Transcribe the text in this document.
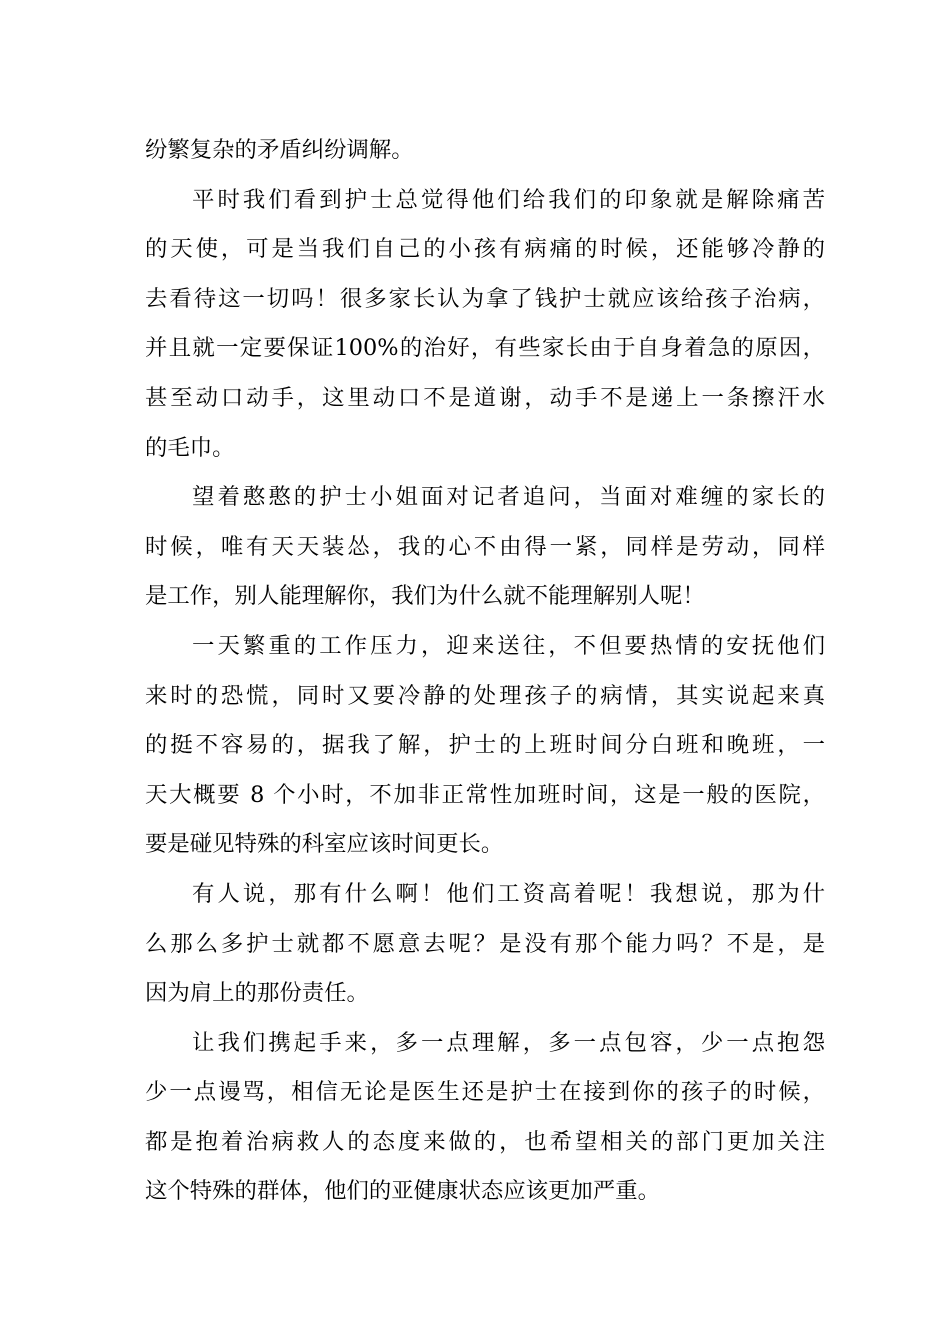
纷繁复杂的矛盾纠纷调解。
平时我们看到护士总觉得他们给我们的印象就是解除痛苦
的天使，可是当我们自己的小孩有病痛的时候，还能够冷静的
去看待这一切吗！很多家长认为拿了钱护士就应该给孩子治病，
并且就一定要保证100%的治好，有些家长由于自身着急的原因，
甚至动口动手，这里动口不是道谢，动手不是递上一条擦汗水
的毛巾。
望着憨憨的护士小姐面对记者追问，当面对难缠的家长的
时候，唯有天天装怂，我的心不由得一紧，同样是劳动，同样
是工作，别人能理解你，我们为什么就不能理解别人呢！
一天繁重的工作压力，迎来送往，不但要热情的安抚他们
来时的恐慌，同时又要冷静的处理孩子的病情，其实说起来真
的挺不容易的，据我了解，护士的上班时间分白班和晚班，一
天大概要 8 个小时，不加非正常性加班时间，这是一般的医院，
要是碰见特殊的科室应该时间更长。
有人说，那有什么啊！他们工资高着呢！我想说，那为什
么那么多护士就都不愿意去呢？是没有那个能力吗？不是，是
因为肩上的那份责任。
让我们携起手来，多一点理解，多一点包容，少一点抱怨
少一点谩骂，相信无论是医生还是护士在接到你的孩子的时候，
都是抱着治病救人的态度来做的，也希望相关的部门更加关注
这个特殊的群体，他们的亚健康状态应该更加严重。
